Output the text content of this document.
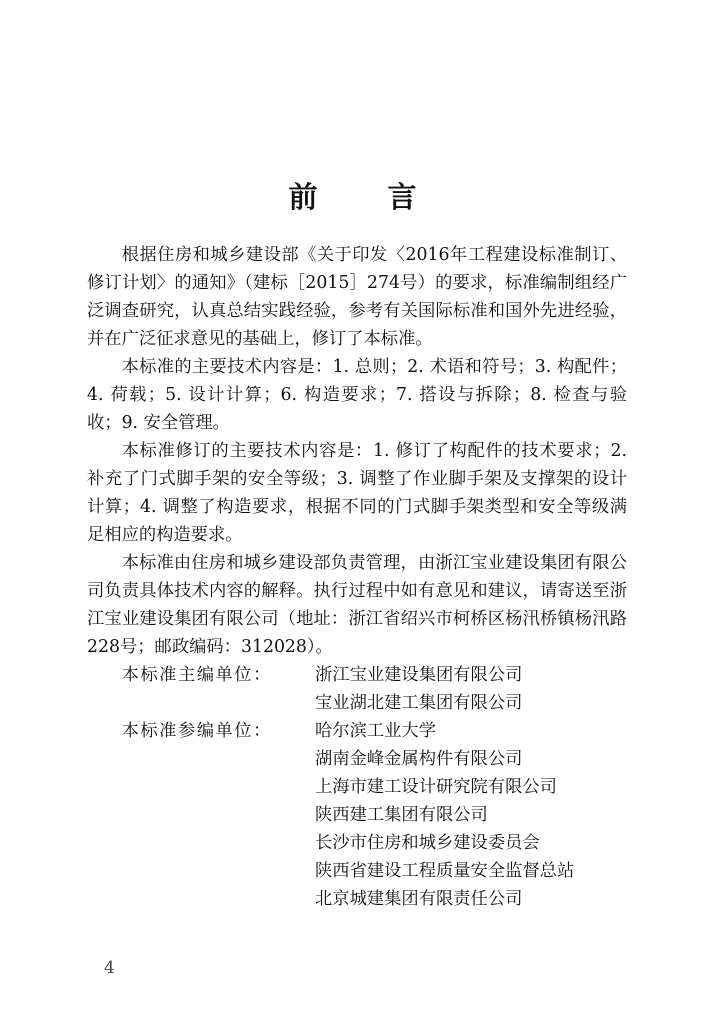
前 言

根据住房和城乡建设部《关于印发〈2016年工程建设标准制订、修订计划〉的通知》（建标［2015］274号）的要求，标准编制组经广泛调查研究，认真总结实践经验，参考有关国际标准和国外先进经验，并在广泛征求意见的基础上，修订了本标准。

本标准的主要技术内容是：1. 总则；2. 术语和符号；3. 构配件；4. 荷载；5. 设计计算；6. 构造要求；7. 搭设与拆除；8. 检查与验收；9. 安全管理。

本标准修订的主要技术内容是：1. 修订了构配件的技术要求；2. 补充了门式脚手架的安全等级；3. 调整了作业脚手架及支撑架的设计计算；4. 调整了构造要求，根据不同的门式脚手架类型和安全等级满足相应的构造要求。

本标准由住房和城乡建设部负责管理，由浙江宝业建设集团有限公司负责具体技术内容的解释。执行过程中如有意见和建议，请寄送至浙江宝业建设集团有限公司（地址：浙江省绍兴市柯桥区杨汛桥镇杨汛路228号；邮政编码：312028）。

本标准主编单位：	浙江宝业建设集团有限公司
宝业湖北建工集团有限公司
本标准参编单位：	哈尔滨工业大学
湖南金峰金属构件有限公司
上海市建工设计研究院有限公司
陕西建工集团有限公司
长沙市住房和城乡建设委员会
陕西省建设工程质量安全监督总站
北京城建集团有限责任公司
4
